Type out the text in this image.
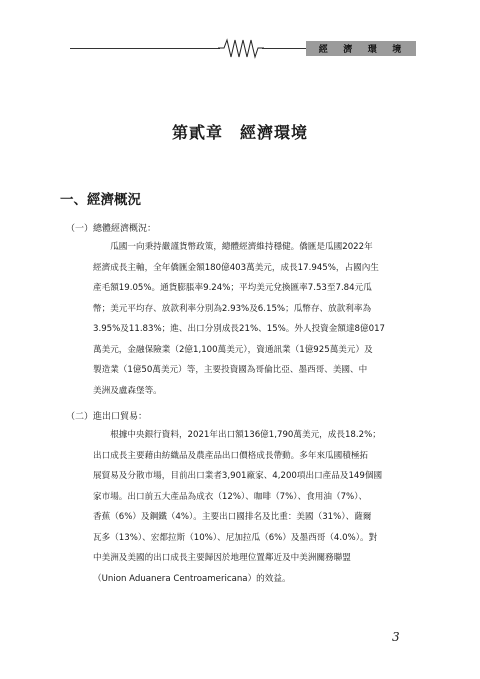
經 濟 環 境
第貳章　經濟環境
一、經濟概況
（一）總體經濟概況：
　　瓜國一向秉持嚴謹貨幣政策，總體經濟維持穩健。僑匯是瓜國2022年
經濟成長主軸，全年僑匯金額180億403萬美元，成長17.945%，占國內生
產毛額19.05%。通貨膨脹率9.24%；平均美元兌換匯率7.53至7.84元瓜
幣；美元平均存、放款利率分別為2.93%及6.15%；瓜幣存、放款利率為
3.95%及11.83%；進、出口分別成長21%、15%。外人投資金額達8億017
萬美元，金融保險業（2億1,100萬美元），資通訊業（1億925萬美元）及
製造業（1億50萬美元）等，主要投資國為哥倫比亞、墨西哥、美國、中
美洲及盧森堡等。
（二）進出口貿易：
　　根據中央銀行資料，2021年出口額136億1,790萬美元，成長18.2%；
出口成長主要藉由紡織品及農產品出口價格成長帶動。多年來瓜國積極拓
展貿易及分散市場，目前出口業者3,901廠家、4,200項出口產品及149個國
家市場。出口前五大產品為成衣（12%）、咖啡（7%）、食用油（7%）、
香蕉（6%）及鋼鐵（4%）。主要出口國排名及比重：美國（31%）、薩爾
瓦多（13%）、宏都拉斯（10%）、尼加拉瓜（6%）及墨西哥（4.0%）。對
中美洲及美國的出口成長主要歸因於地理位置鄰近及中美洲關務聯盟
（Union Aduanera Centroamericana）的效益。
3
